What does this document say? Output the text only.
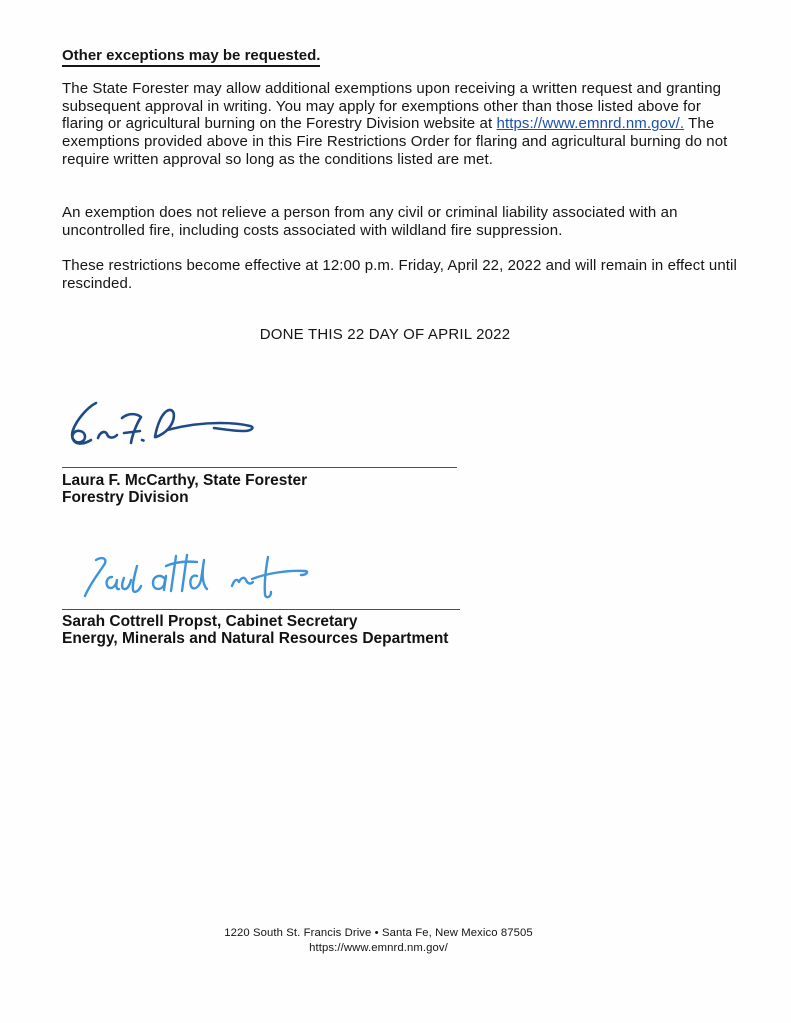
Other exceptions may be requested.

The State Forester may allow additional exemptions upon receiving a written request and granting subsequent approval in writing. You may apply for exemptions other than those listed above for flaring or agricultural burning on the Forestry Division website at https://www.emnrd.nm.gov/. The exemptions provided above in this Fire Restrictions Order for flaring and agricultural burning do not require written approval so long as the conditions listed are met.

An exemption does not relieve a person from any civil or criminal liability associated with an uncontrolled fire, including costs associated with wildland fire suppression.

These restrictions become effective at 12:00 p.m. Friday, April 22, 2022 and will remain in effect until rescinded.

DONE THIS 22 DAY OF APRIL 2022
Laura F. McCarthy, State Forester
Forestry Division
Sarah Cottrell Propst, Cabinet Secretary
Energy, Minerals and Natural Resources Department
1220 South St. Francis Drive • Santa Fe, New Mexico 87505
https://www.emnrd.nm.gov/
